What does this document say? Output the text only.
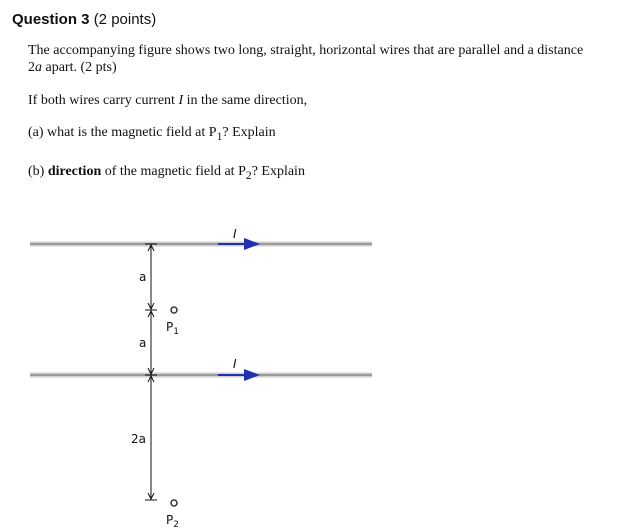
Question 3 (2 points)

The accompanying figure shows two long, straight, horizontal wires that are parallel and a distance 2a apart. (2 pts)

If both wires carry current I in the same direction,

(a) what is the magnetic field at $P_1$? Explain

(b) direction of the magnetic field at $P_2$? Explain

I
I
a
a
2a
$P_1$
$P_2$
